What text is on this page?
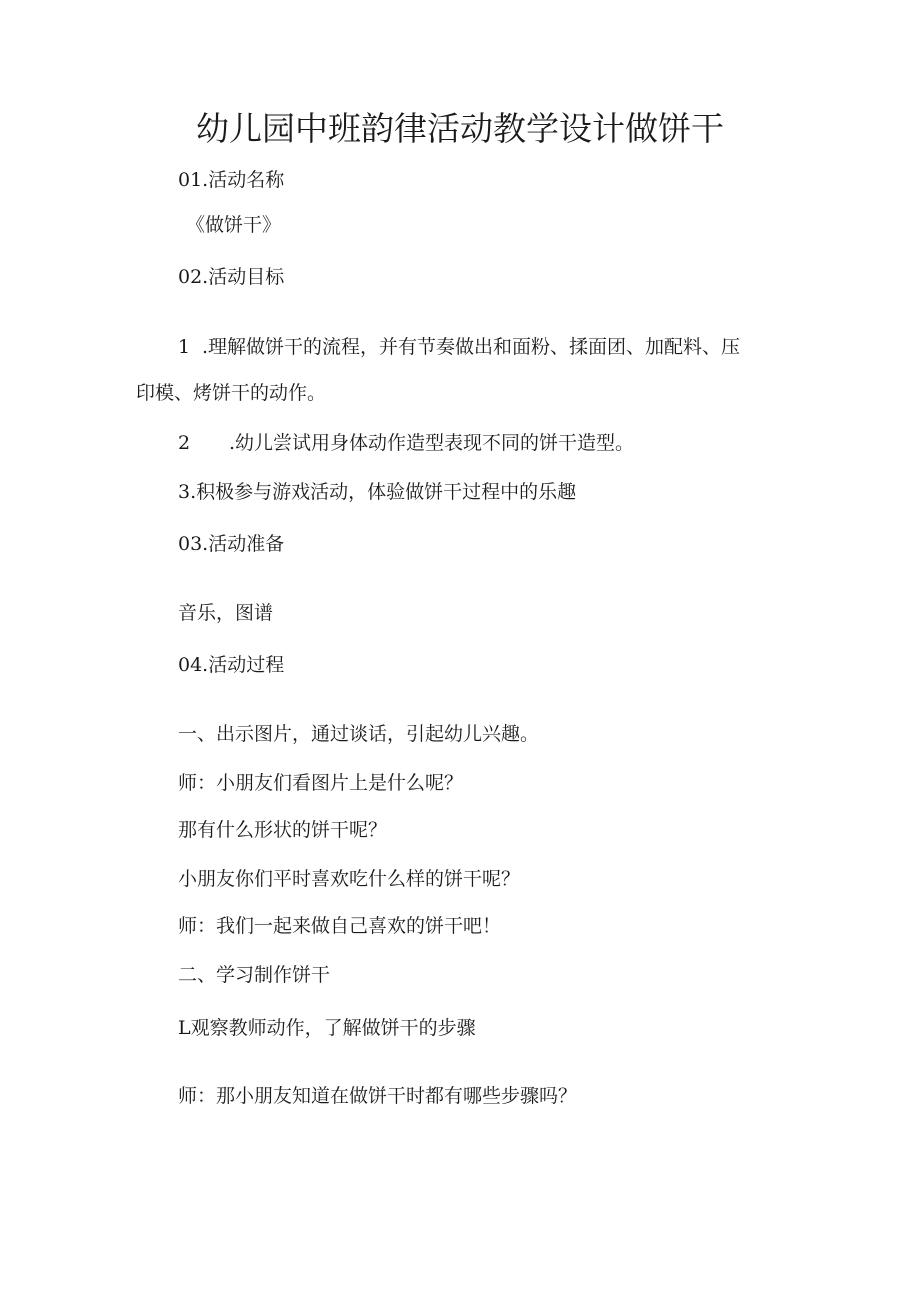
幼儿园中班韵律活动教学设计做饼干
01.活动名称
《做饼干》
02.活动目标
1 .理解做饼干的流程，并有节奏做出和面粉、揉面团、加配料、压
印模、烤饼干的动作。
2 .幼儿尝试用身体动作造型表现不同的饼干造型。
3.积极参与游戏活动，体验做饼干过程中的乐趣
03.活动准备
音乐，图谱
04.活动过程
一、出示图片，通过谈话，引起幼儿兴趣。
师：小朋友们看图片上是什么呢？
那有什么形状的饼干呢？
小朋友你们平时喜欢吃什么样的饼干呢？
师：我们一起来做自己喜欢的饼干吧！
二、学习制作饼干
L观察教师动作，了解做饼干的步骤
师：那小朋友知道在做饼干时都有哪些步骤吗？
